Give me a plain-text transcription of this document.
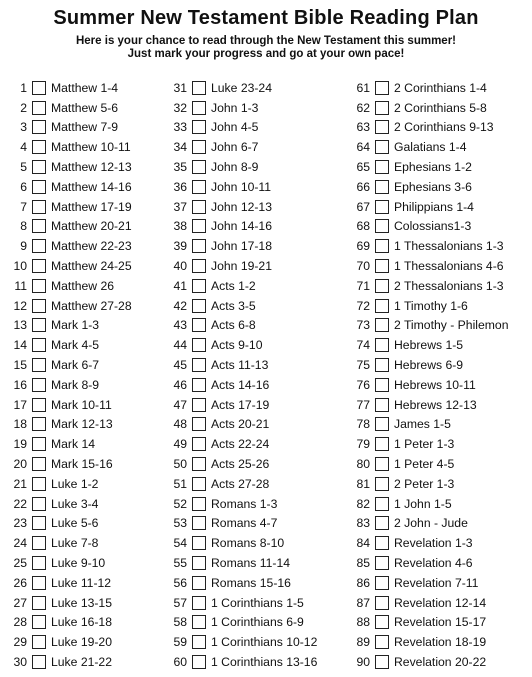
Summer New Testament Bible Reading Plan
Here is your chance to read through the New Testament this summer!
Just mark your progress and go at your own pace!
1 Matthew 1-4
2 Matthew 5-6
3 Matthew 7-9
4 Matthew 10-11
5 Matthew 12-13
6 Matthew 14-16
7 Matthew 17-19
8 Matthew 20-21
9 Matthew 22-23
10 Matthew 24-25
11 Matthew 26
12 Matthew 27-28
13 Mark 1-3
14 Mark 4-5
15 Mark 6-7
16 Mark 8-9
17 Mark 10-11
18 Mark 12-13
19 Mark 14
20 Mark 15-16
21 Luke 1-2
22 Luke 3-4
23 Luke 5-6
24 Luke 7-8
25 Luke 9-10
26 Luke 11-12
27 Luke 13-15
28 Luke 16-18
29 Luke 19-20
30 Luke 21-22
31 Luke 23-24
32 John 1-3
33 John 4-5
34 John 6-7
35 John 8-9
36 John 10-11
37 John 12-13
38 John 14-16
39 John 17-18
40 John 19-21
41 Acts 1-2
42 Acts 3-5
43 Acts 6-8
44 Acts 9-10
45 Acts 11-13
46 Acts 14-16
47 Acts 17-19
48 Acts 20-21
49 Acts 22-24
50 Acts 25-26
51 Acts 27-28
52 Romans 1-3
53 Romans 4-7
54 Romans 8-10
55 Romans 11-14
56 Romans 15-16
57 1 Corinthians 1-5
58 1 Corinthians 6-9
59 1 Corinthians 10-12
60 1 Corinthians 13-16
61 2 Corinthians 1-4
62 2 Corinthians 5-8
63 2 Corinthians 9-13
64 Galatians 1-4
65 Ephesians 1-2
66 Ephesians 3-6
67 Philippians 1-4
68 Colossians1-3
69 1 Thessalonians 1-3
70 1 Thessalonians 4-6
71 2 Thessalonians 1-3
72 1 Timothy 1-6
73 2 Timothy - Philemon
74 Hebrews 1-5
75 Hebrews 6-9
76 Hebrews 10-11
77 Hebrews 12-13
78 James 1-5
79 1 Peter 1-3
80 1 Peter 4-5
81 2 Peter 1-3
82 1 John 1-5
83 2 John - Jude
84 Revelation 1-3
85 Revelation 4-6
86 Revelation 7-11
87 Revelation 12-14
88 Revelation 15-17
89 Revelation 18-19
90 Revelation 20-22
